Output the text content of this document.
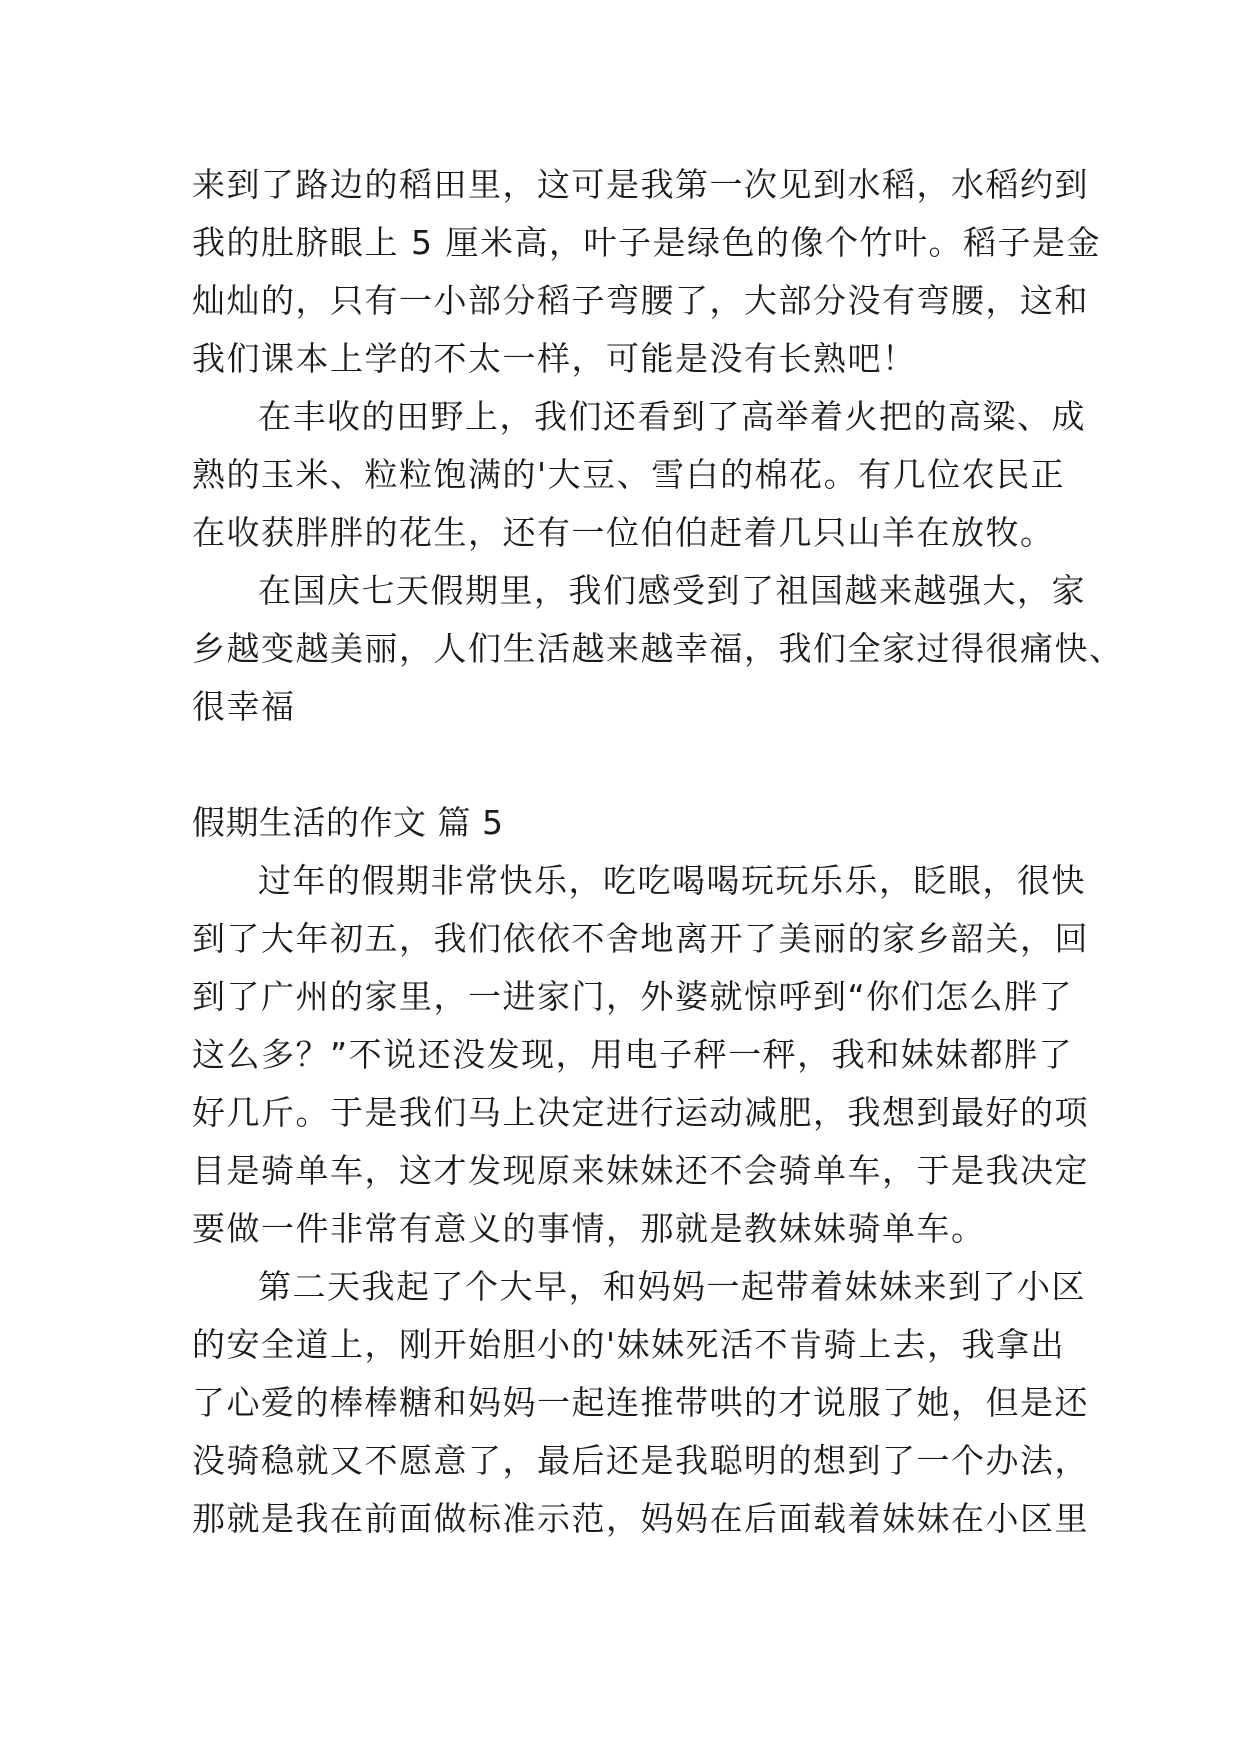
来到了路边的稻田里，这可是我第一次见到水稻，水稻约到
我的肚脐眼上 5 厘米高，叶子是绿色的像个竹叶。稻子是金
灿灿的，只有一小部分稻子弯腰了，大部分没有弯腰，这和
我们课本上学的不太一样，可能是没有长熟吧！
在丰收的田野上，我们还看到了高举着火把的高粱、成
熟的玉米、粒粒饱满的'大豆、雪白的棉花。有几位农民正
在收获胖胖的花生，还有一位伯伯赶着几只山羊在放牧。
在国庆七天假期里，我们感受到了祖国越来越强大，家
乡越变越美丽，人们生活越来越幸福，我们全家过得很痛快、
很幸福
假期生活的作文 篇 5
过年的假期非常快乐，吃吃喝喝玩玩乐乐，眨眼，很快
到了大年初五，我们依依不舍地离开了美丽的家乡韶关，回
到了广州的家里，一进家门，外婆就惊呼到“你们怎么胖了
这么多？”不说还没发现，用电子秤一秤，我和妹妹都胖了
好几斤。于是我们马上决定进行运动减肥，我想到最好的项
目是骑单车，这才发现原来妹妹还不会骑单车，于是我决定
要做一件非常有意义的事情，那就是教妹妹骑单车。
第二天我起了个大早，和妈妈一起带着妹妹来到了小区
的安全道上，刚开始胆小的'妹妹死活不肯骑上去，我拿出
了心爱的棒棒糖和妈妈一起连推带哄的才说服了她，但是还
没骑稳就又不愿意了，最后还是我聪明的想到了一个办法，
那就是我在前面做标准示范，妈妈在后面载着妹妹在小区里
